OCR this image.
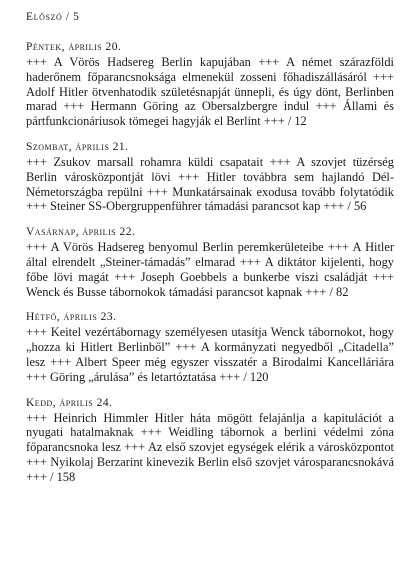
Előszó / 5
Péntek, április 20.

+++ A Vörös Hadsereg Berlin kapujában +++ A német szárazföldi haderőnem főparancsnoksága elmenekül zosseni főhadiszállásáról +++ Adolf Hitler ötvenhatodik születésnapját ünnepli, és úgy dönt, Berlinben marad +++ Hermann Göring az Obersalzbergre indul +++ Állami és pártfunkcionáriusok tömegei hagyják el Berlint +++ / 12

Szombat, április 21.

+++ Zsukov marsall rohamra küldi csapatait +++ A szovjet tüzérség Berlin városközpontját lövi +++ Hitler továbbra sem hajlandó Dél-Németországba repülni +++ Munkatársainak exodusa tovább folytatódik +++ Steiner SS-Obergruppenführer támadási parancsot kap +++ / 56

Vasárnap, április 22.

+++ A Vörös Hadsereg benyomul Berlin peremkerületeibe +++ A Hitler által elrendelt „Steiner-támadás” elmarad +++ A diktátor kijelenti, hogy főbe lövi magát +++ Joseph Goebbels a bunkerbe viszi családját +++ Wenck és Busse tábornokok támadási parancsot kapnak +++ / 82

Hétfő, április 23.

+++ Keitel vezértábornagy személyesen utasítja Wenck tábornokot, hogy „hozza ki Hitlert Berlinből” +++ A kormányzati negyedből „Citadella” lesz +++ Albert Speer még egyszer visszatér a Birodalmi Kancelláriára +++ Göring „árulása” és letartóztatása +++ / 120

Kedd, április 24.

+++ Heinrich Himmler Hitler háta mögött felajánlja a kapitulációt a nyugati hatalmaknak +++ Weidling tábornok a berlini védelmi zóna főparancsnoka lesz +++ Az első szovjet egységek elérik a városközpontot +++ Nyikolaj Berzarint kinevezik Berlin első szovjet városparancsnokává +++ / 158
